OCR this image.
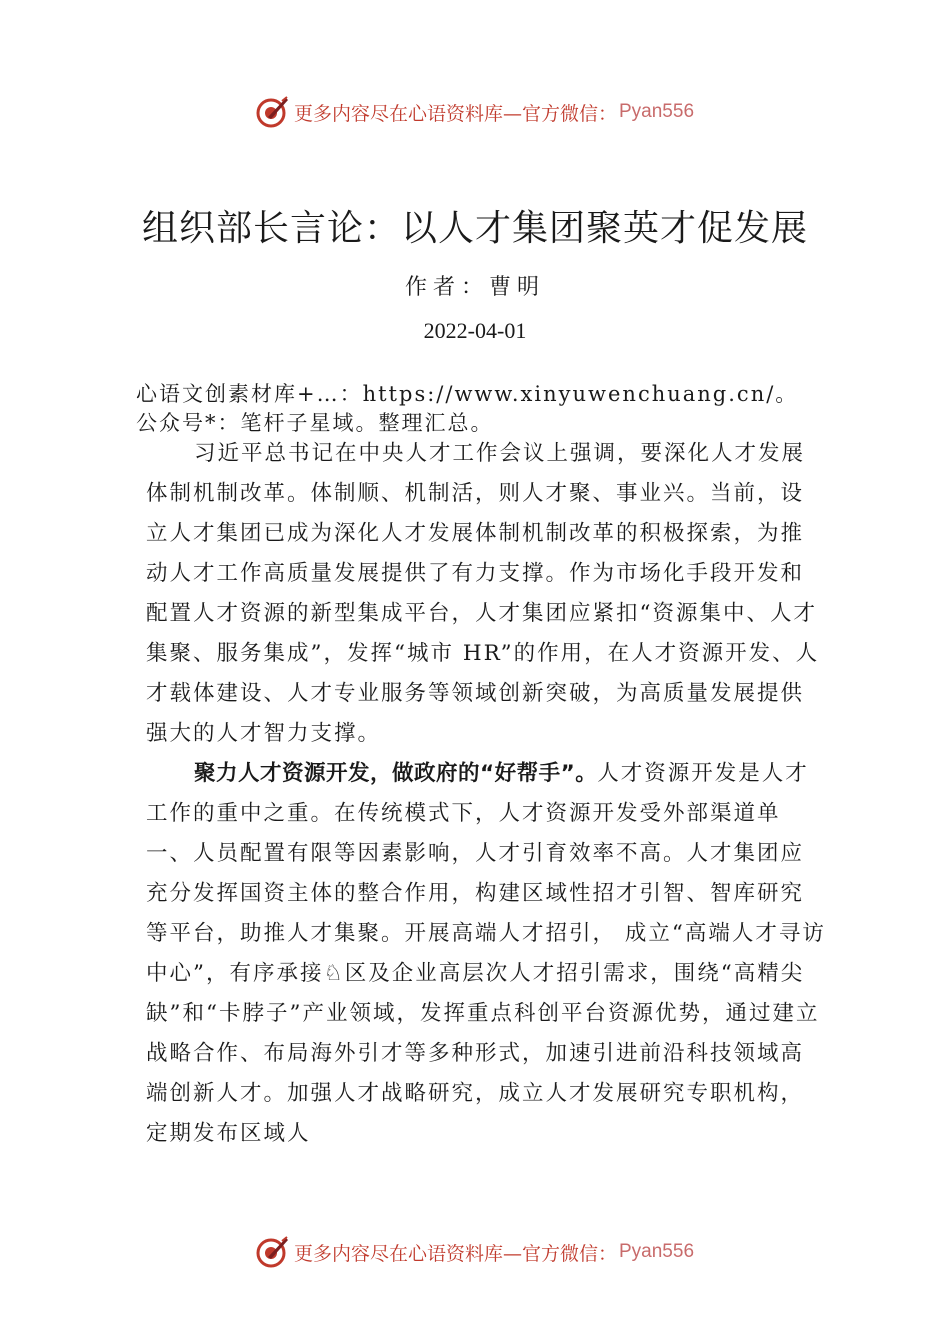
更多内容尽在心语资料库—官方微信： Pyan556
组织部长言论：以人才集团聚英才促发展
作者：曹明
2022-04-01
心语文创素材库+…：https://www.xinyuwenchuang.cn/。公众号*：笔杆子星域。整理汇总。
习近平总书记在中央人才工作会议上强调，要深化人才发展体制机制改革。体制顺、机制活，则人才聚、事业兴。当前，设立人才集团已成为深化人才发展体制机制改革的积极探索，为推动人才工作高质量发展提供了有力支撑。作为市场化手段开发和配置人才资源的新型集成平台，人才集团应紧扣“资源集中、人才集聚、服务集成”，发挥“城市 HR”的作用，在人才资源开发、人才载体建设、人才专业服务等领域创新突破，为高质量发展提供强大的人才智力支撑。
聚力人才资源开发，做政府的“好帮手”。人才资源开发是人才工作的重中之重。在传统模式下，人才资源开发受外部渠道单一、人员配置有限等因素影响，人才引育效率不高。人才集团应充分发挥国资主体的整合作用，构建区域性招才引智、智库研究等平台，助推人才集聚。开展高端人才招引， 成立“高端人才寻访中心”，有序承接♘区及企业高层次人才招引需求，围绕“高精尖缺”和“卡脖子”产业领域，发挥重点科创平台资源优势，通过建立战略合作、布局海外引才等多种形式，加速引进前沿科技领域高端创新人才。加强人才战略研究，成立人才发展研究专职机构，定期发布区域人
更多内容尽在心语资料库—官方微信： Pyan556
